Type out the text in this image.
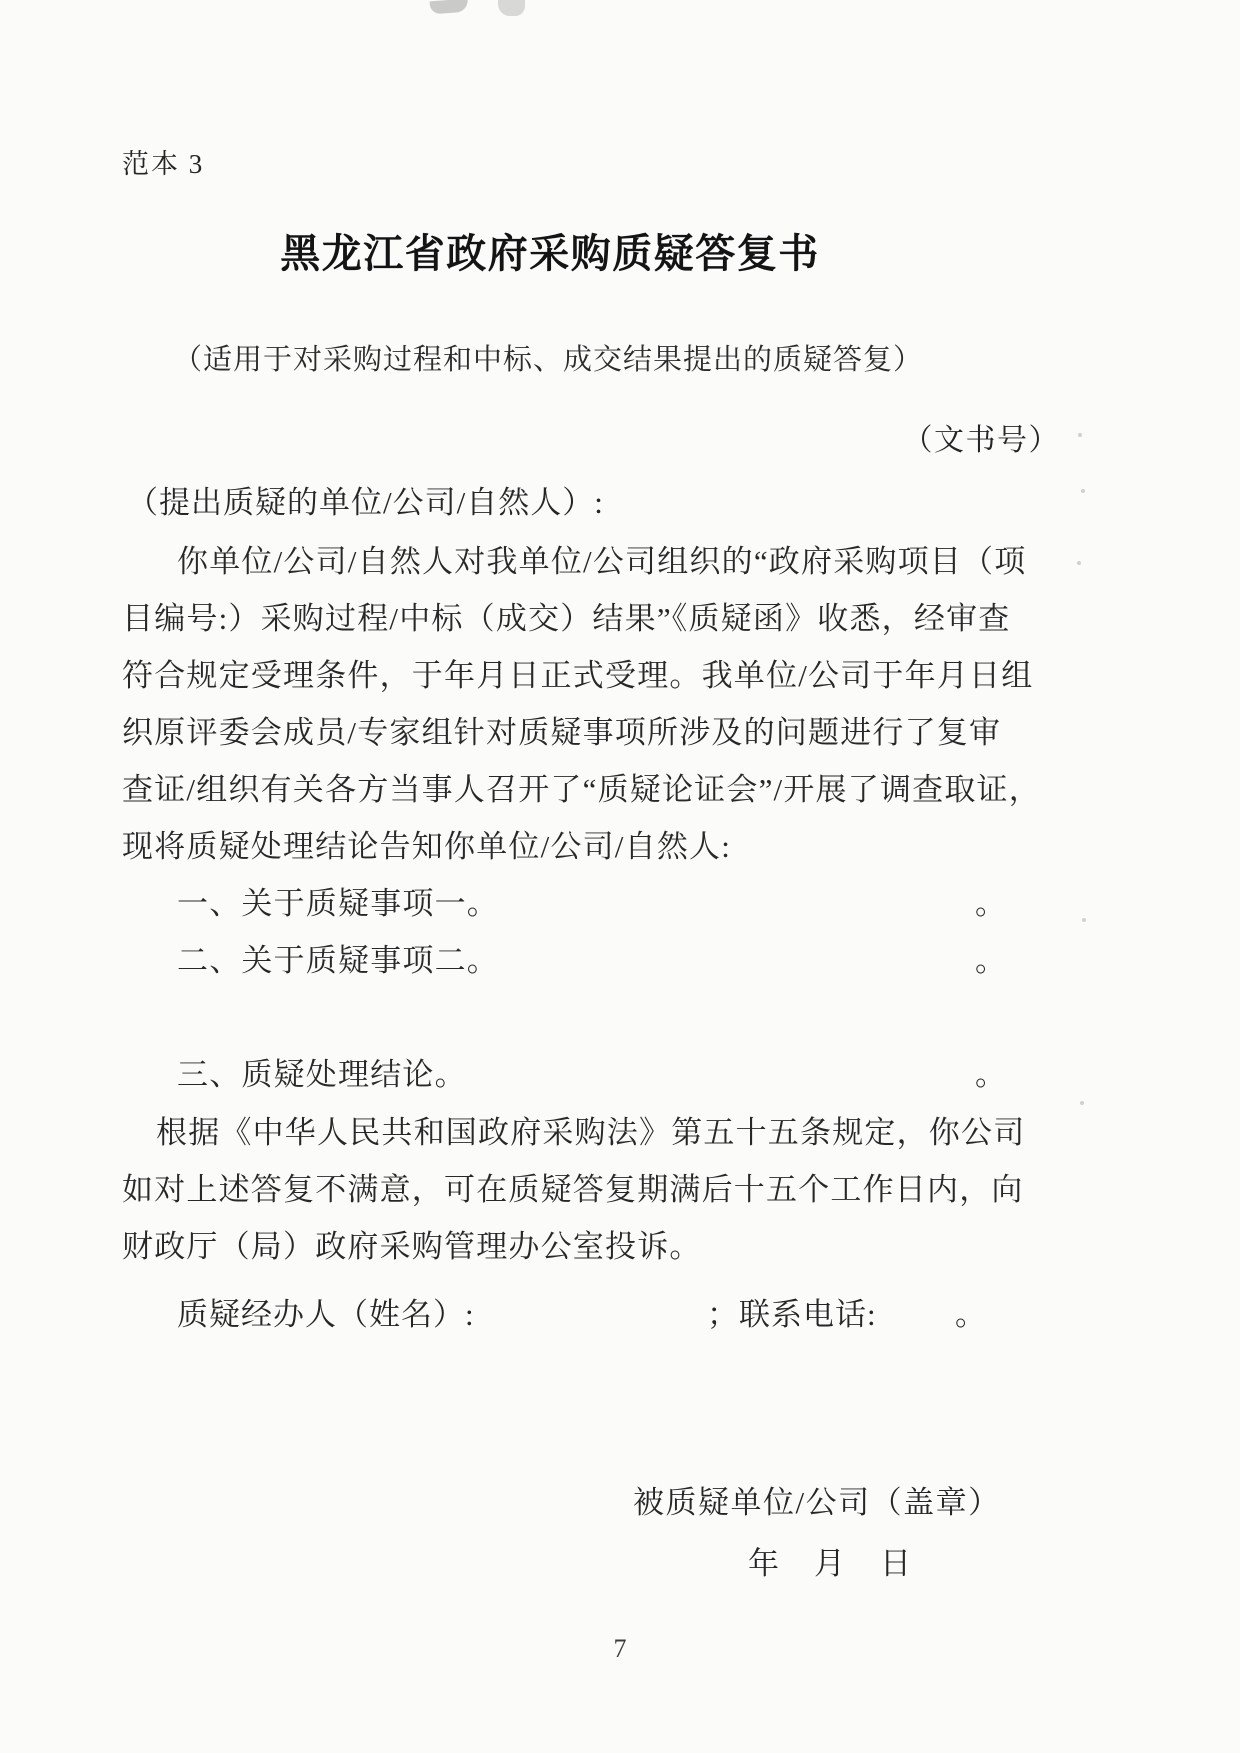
范本 3
黑龙江省政府采购质疑答复书
（适用于对采购过程和中标、成交结果提出的质疑答复）
（文书号）
（提出质疑的单位/公司/自然人）:
你单位/公司/自然人对我单位/公司组织的“政府采购项目（项
目编号:）采购过程/中标（成交）结果”《质疑函》收悉，经审查
符合规定受理条件，于年月日正式受理。我单位/公司于年月日组
织原评委会成员/专家组针对质疑事项所涉及的问题进行了复审
查证/组织有关各方当事人召开了“质疑论证会”/开展了调查取证，
现将质疑处理结论告知你单位/公司/自然人:
一、关于质疑事项一。	。
二、关于质疑事项二。	。
三、质疑处理结论。	。
根据《中华人民共和国政府采购法》第五十五条规定，你公司
如对上述答复不满意，可在质疑答复期满后十五个工作日内，向
财政厅（局）政府采购管理办公室投诉。
质疑经办人（姓名）:	；联系电话:	。
被质疑单位/公司（盖章）
年　月　日
7
